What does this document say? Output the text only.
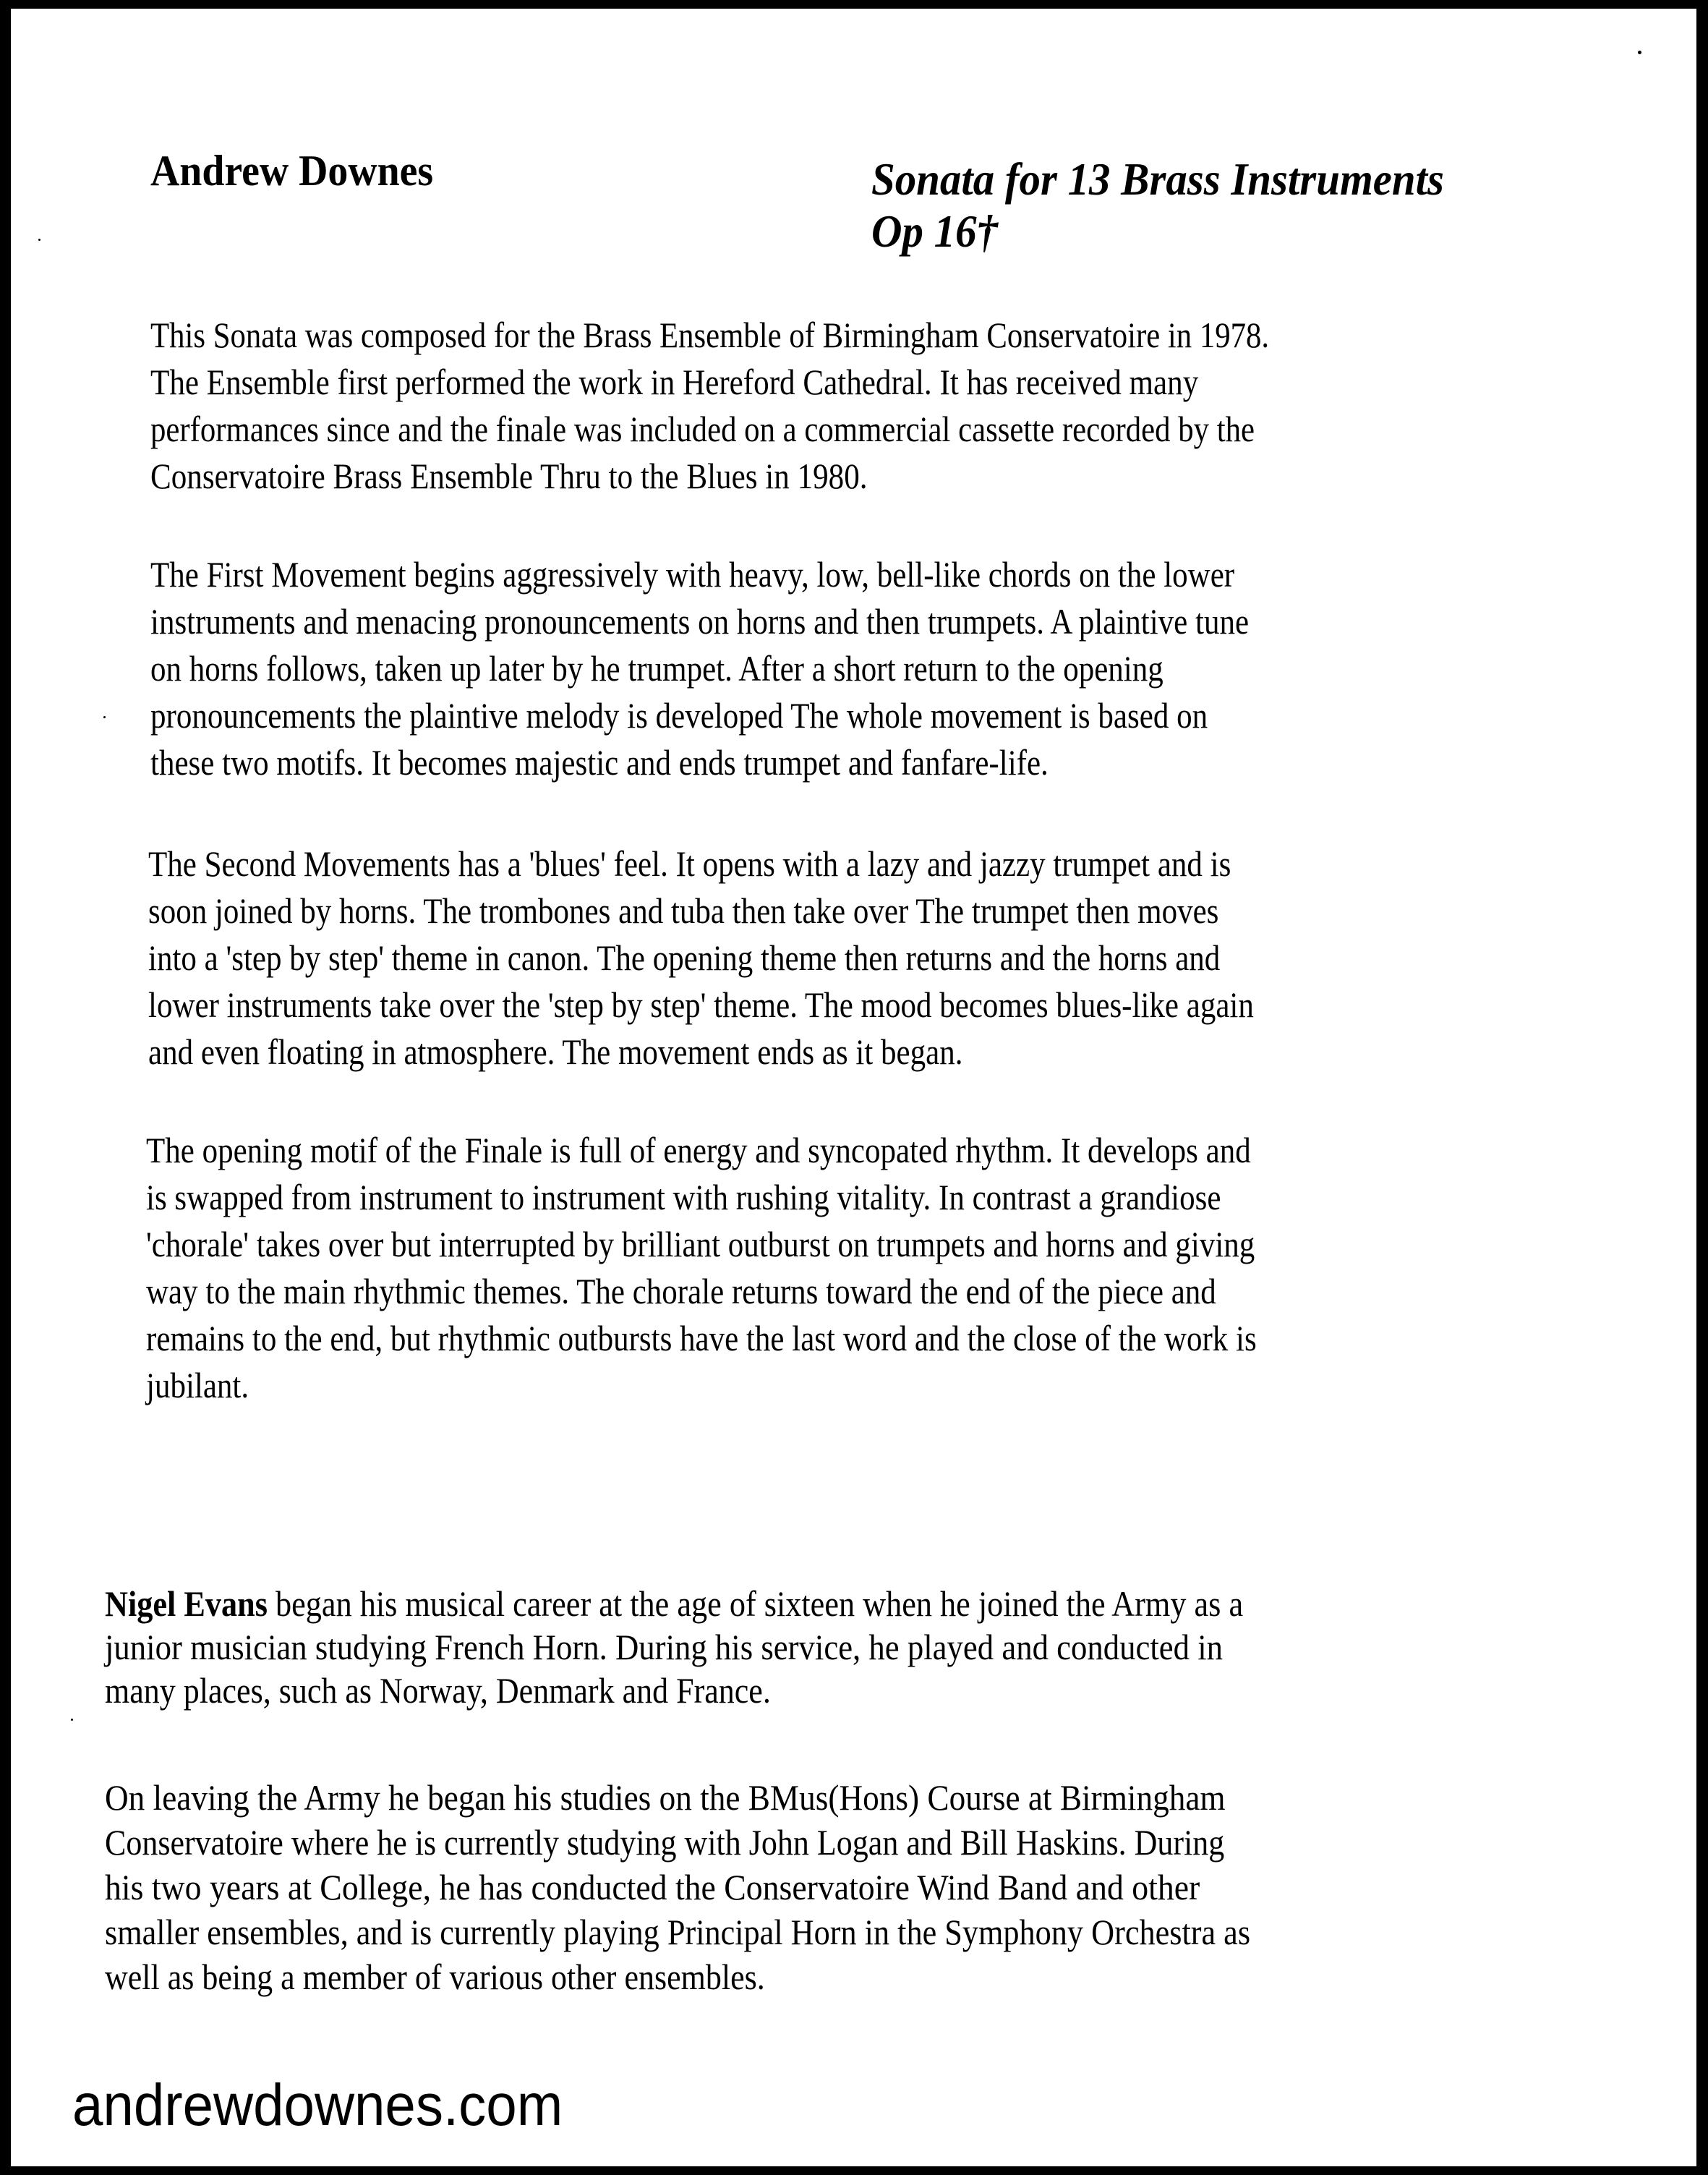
Andrew Downes	Sonata for 13 Brass Instruments
Op 16†
This Sonata was composed for the Brass Ensemble of Birmingham Conservatoire in 1978.
The Ensemble first performed the work in Hereford Cathedral. It has received many
performances since and the finale was included on a commercial cassette recorded by the
Conservatoire Brass Ensemble Thru to the Blues in 1980.
The First Movement begins aggressively with heavy, low, bell-like chords on the lower
instruments and menacing pronouncements on horns and then trumpets. A plaintive tune
on horns follows, taken up later by he trumpet. After a short return to the opening
pronouncements the plaintive melody is developed The whole movement is based on
these two motifs. It becomes majestic and ends trumpet and fanfare-life.
The Second Movements has a 'blues' feel. It opens with a lazy and jazzy trumpet and is
soon joined by horns. The trombones and tuba then take over The trumpet then moves
into a 'step by step' theme in canon. The opening theme then returns and the horns and
lower instruments take over the 'step by step' theme. The mood becomes blues-like again
and even floating in atmosphere. The movement ends as it began.
The opening motif of the Finale is full of energy and syncopated rhythm. It develops and
is swapped from instrument to instrument with rushing vitality. In contrast a grandiose
'chorale' takes over but interrupted by brilliant outburst on trumpets and horns and giving
way to the main rhythmic themes. The chorale returns toward the end of the piece and
remains to the end, but rhythmic outbursts have the last word and the close of the work is
jubilant.
Nigel Evans began his musical career at the age of sixteen when he joined the Army as a
junior musician studying French Horn. During his service, he played and conducted in
many places, such as Norway, Denmark and France.
On leaving the Army he began his studies on the BMus(Hons) Course at Birmingham
Conservatoire where he is currently studying with John Logan and Bill Haskins. During
his two years at College, he has conducted the Conservatoire Wind Band and other
smaller ensembles, and is currently playing Principal Horn in the Symphony Orchestra as
well as being a member of various other ensembles.
andrewdownes.com
